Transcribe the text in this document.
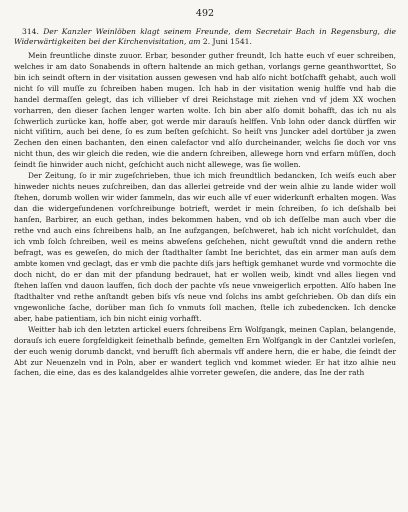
492
314. Der Kanzler Weinlöben klagt seinem Freunde, dem Secretair Bach in Regensburg, die Widerwärtigkeiten bei der Kirchenvisitation, am 2. Juni 1541.

Mein freuntliche dinste zuuor. Erbar, besonder guther freundt, Ich hatte euch vf euer schreiben, welches ir am dato Sonabends in oftern haltende an mich gethan, vorlangs gerne geanthworttet, So bin ich seindt oftern in der visitation aussen gewesen vnd hab alſo nicht botſchafft gehabt, auch woll nicht ſo vill muſſe zu ſchreiben haben mugen. Ich hab in der visitation wenig hulffe vnd hab die handel dermaſſen gelegt, das ich villieber vf drei Reichstage mit ziehen vnd vf jdem XX wochen vorharren, den dieser ſachen lenger warten wolte. Ich bin aber alſo domit bohafft, das ich nu als ſchwerlich zurücke kan, hoffe aber, got werde mir darauſs helffen. Vnb lohn oder danck dürffen wir nicht viſitirn, auch bei dene, ſo es zum beſten geſchicht. So heiſt vns Juncker adel dortüber ja zwen Zechen den einen bachanten, den einen calefactor vnd alſo durcheinander, welchs ſie doch vor vns nicht thun, des wir gleich die reden, wie die andern ſchreiben, allewege horn vnd erfarn müſſen, doch ſeindt ſie hinwider auch nicht, geſchicht auch nicht allewege, was ſie wollen.

Der Zeitung, ſo ir mir zugeſchrieben, thue ich mich freundtlich bedancken, Ich weiſs euch aber hinweder nichts neues zuſchreiben, dan das allerlei getreide vnd der wein alhie zu lande wider woll ſtehen, dorumb wollen wir wider ſammeln, das wir euch alle vf euer widerkunft erhalten mogen. Was dan die widergefundenen vorſchreibunge botrieft, werdet ir mein ſchreiben, ſo ich deſshalb bei hanſen, Barbirer, an euch gethan, indes bekommen haben, vnd ob ich deſſelbe man auch vber die rethe vnd auch eins ſchreibens halb, an Ine aufzgangen, beſchweret, hab ich nicht vorſchuldet, dan ich vmb ſolch ſchreiben, weil es meins abweſens geſchehen, nicht gewuſtdt vnnd die andern rethe befragt, was es geweſen, do mich der ſtadthalter ſambt Ine berichtet, das ein armer man auſs dem ambte komen vnd geclagt, das er vmb die pachte diſs jars heftigk gemhanet wurde vnd vormochte die doch nicht, do er dan mit der pfandung bedrauet, hat er wollen weib, kindt vnd alles liegen vnd ſtehen laſſen vnd dauon lauffen, ſich doch der pachte vſs neue vnweigerlich erpotten. Alſo haben Ine ſtadthalter vnd rethe anſtandt geben biſs vſs neue vnd ſolchs ins ambt geſchrieben. Ob dan diſs ein vngewonliche ſache, dorüber man ſich ſo vnmuts ſoll machen, ſtelle ich zubedencken. Ich dencke aber, habe patientiam, ich bin nicht einig vorhafft.

Weitter hab ich den letzten artickel euers ſchreibens Ern Wolfgangk, meinen Caplan, belangende, dorauſs ich euere ſorgfeldigkeit ſeinethalb befinde, gemelten Ern Wolfgangk in der Cantzlei vorleſen, der euch wenig dorumb danckt, vnd berufft ſich abermals vff andere hern, die er habe, die ſeindt der Abt zur Neuenzeln vnd in Poln, aber er wandert teglich vnd kommet wieder. Er hat itzo alhie neu ſachen, die eine, das es des kalandgeldes alhie vorreter geweſen, die andere, das Ine der rath
